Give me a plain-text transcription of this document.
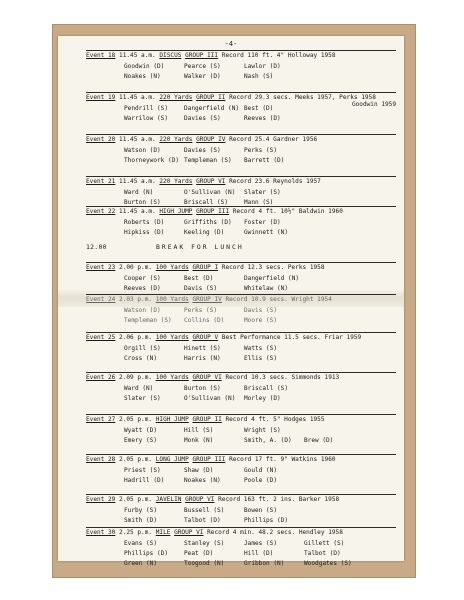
-4-
12.00	BREAK FOR LUNCH
Event 18 11.45 a.m. DISCUS GROUP III Record 110 ft. 4" Holloway 1958
Goodwin (D)	Pearce (S)	Lawlor (D)
Noakes (N)	Walker (D)	Nash (S)
Event 19 11.45 a.m. 220 Yards GROUP II Record 29.3 secs. Meeks 1957, Perks 1958
Goodwin 1959
Pendrill (S)	Dangerfield (N) Best (D)
Warrilow (S)	Davies (S)	Reeves (D)
Event 20 11.45 a.m. 220 Yards GROUP IV Record 25.4 Gardner 1956
Watson (D)	Davies (S)	Perks (S)
Thorneywork (D) Templeman (S) Barrett (D)
Event 21 11.45 a.m. 220 Yards GROUP VI Record 23.6 Reynolds 1957
Ward (N)	O'Sullivan (N) Slater (S)
Burton (S)	Briscall (S)	Mann (S)
Event 22 11.45 a.m. HIGH JUMP GROUP III Record 4 ft. 10½" Baldwin 1960
Roberts (D)	Griffiths (D) Foster (D)
Hipkiss (D)	Keeling (D)	Gwinnett (N)
Event 23 2.00 p.m. 100 Yards GROUP I Record 12.3 secs. Perks 1958
Cooper (S)	Best (D)	Dangerfield (N)
Reeves (D)	Davis (S)	Whitelaw (N)
Event 24 2.03 p.m. 100 Yards GROUP IV Record 10.9 secs. Wright 1954
Watson (D)	Perks (S)	Davis (S)
Templeman (S) Collins (D)	Moore (S)
Event 25 2.06 p.m. 100 Yards GROUP V Best Performance 11.5 secs. Friar 1959
Orgill (S)	Hinett (S)	Watts (S)
Cross (N)	Harris (N)	Ellis (S)
Event 26 2.09 p.m. 100 Yards GROUP VI Record 10.3 secs. Simmonds 1913
Ward (N)	Burton (S)	Briscall (S)
Slater (S)	O'Sullivan (N) Morley (D)
Event 27 2.05 p.m. HIGH JUMP GROUP II Record 4 ft. 5" Hodges 1955
Wyatt (D)	Hill (S)	Wright (S)
Emery (S)	Monk (N)	Smith, A. (D) Brew (D)
Event 28 2.05 p.m. LONG JUMP GROUP III Record 17 ft. 9" Watkins 1960
Priest (S)	Shaw (D)	Gould (N)
Hadrill (D)	Noakes (N)	Poole (D)
Event 29 2.05 p.m. JAVELIN GROUP VI Record 163 ft. 2 ins. Barker 1958
Furby (S)	Bussell (S)	Bowen (S)
Smith (D)	Talbot (D)	Phillips (D)
Event 30 2.25 p.m. MILE GROUP VI Record 4 min. 48.2 secs. Hendley 1958
Evans (S)	Stanley (S)	James (S)	Gillett (S)
Phillips (D)	Peat (D)	Hill (D)	Talbot (D)
Green (N)	Toogood (N)	Gribbon (N)	Woodgates (S)
